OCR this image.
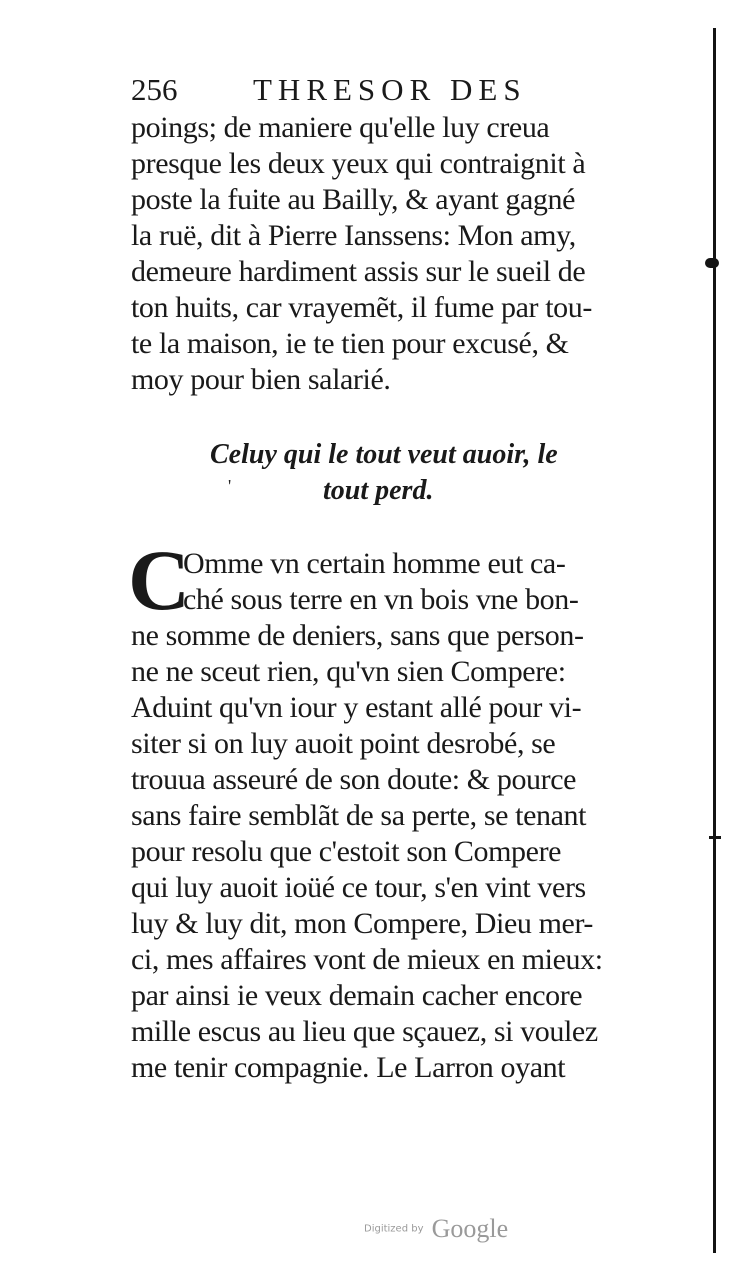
256 THRESOR DES
poings; de maniere qu'elle luy creua
presque les deux yeux qui contraignit à
poste la fuite au Bailly, & ayant gagné
la ruë, dit à Pierre Ianssens: Mon amy,
demeure hardiment assis sur le sueil de
ton huits, car vrayemẽt, il fume par tou-
te la maison, ie te tien pour excusé, &
moy pour bien salarié.
Celuy qui le tout veut auoir, le
tout perd.
'
C
Omme vn certain homme eut ca-
ché sous terre en vn bois vne bon-
ne somme de deniers, sans que person-
ne ne sceut rien, qu'vn sien Compere:
Aduint qu'vn iour y estant allé pour vi-
siter si on luy auoit point desrobé, se
trouua asseuré de son doute: & pource
sans faire semblãt de sa perte, se tenant
pour resolu que c'estoit son Compere
qui luy auoit ioüé ce tour, s'en vint vers
luy & luy dit, mon Compere, Dieu mer-
ci, mes affaires vont de mieux en mieux:
par ainsi ie veux demain cacher encore
mille escus au lieu que sçauez, si voulez
me tenir compagnie. Le Larron oyant
Digitized by Google
